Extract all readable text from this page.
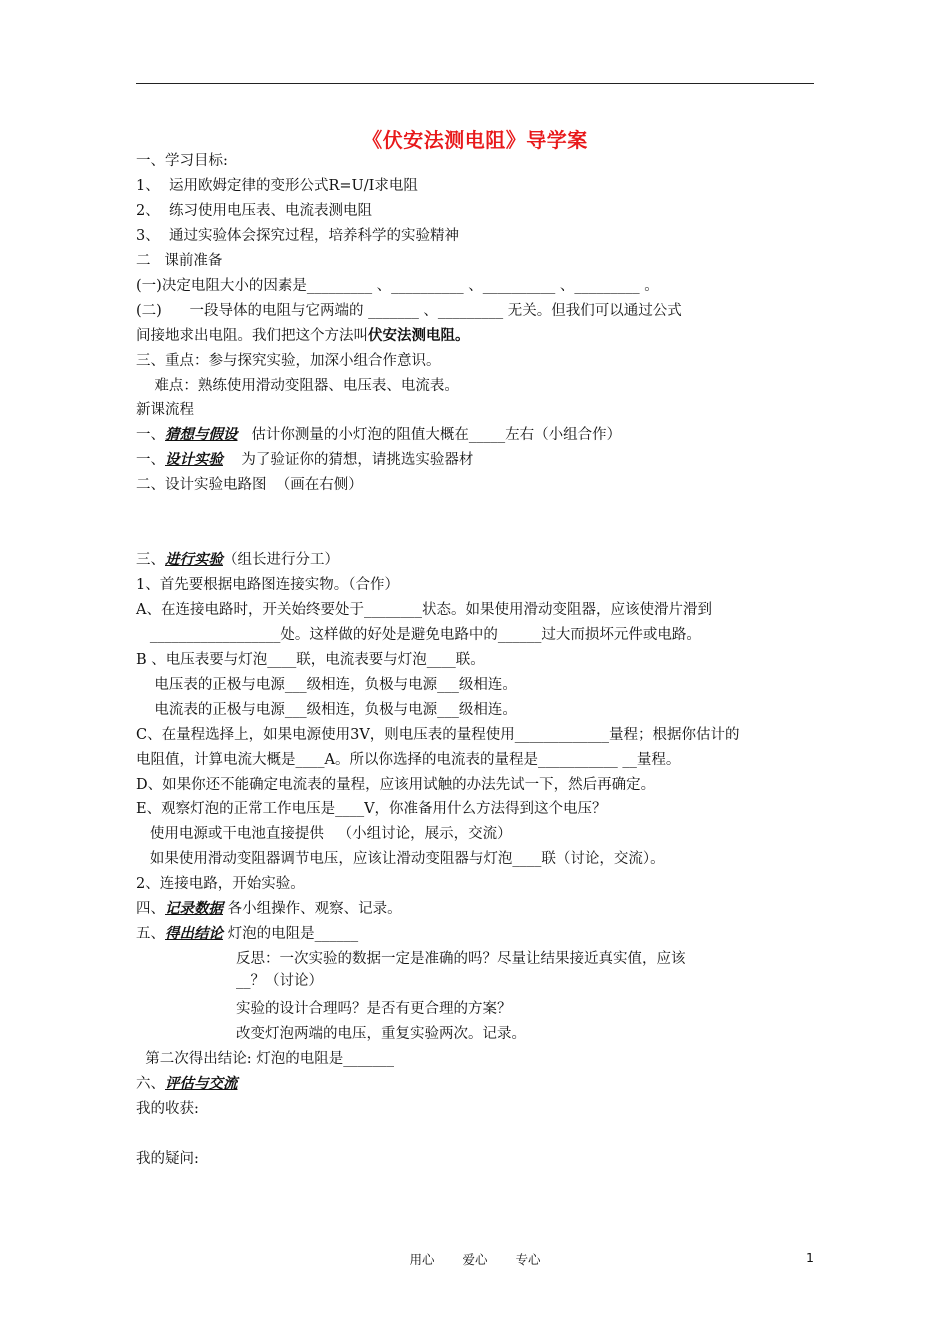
《伏安法测电阻》导学案
一、学习目标:
1、  运用欧姆定律的变形公式R=U/I求电阻
2、  练习使用电压表、电流表测电阻
3、  通过实验体会探究过程，培养科学的实验精神
二   课前准备
(一)决定电阻大小的因素是_________ 、__________ 、__________ 、_________ 。
(二)      一段导体的电阻与它两端的 _______ 、_________ 无关。但我们可以通过公式
间接地求出电阻。我们把这个方法叫伏安法测电阻。
三、重点：参与探究实验，加深小组合作意识。
难点：熟练使用滑动变阻器、电压表、电流表。
新课流程
一、猜想与假设   估计你测量的小灯泡的阻值大概在_____左右（小组合作）
一、设计实验    为了验证你的猜想，请挑选实验器材
二、设计实验电路图  （画在右侧）
三、进行实验（组长进行分工）
1、首先要根据电路图连接实物。（合作）
A、在连接电路时，开关始终要处于________状态。如果使用滑动变阻器，应该使滑片滑到
__________________处。这样做的好处是避免电路中的______过大而损坏元件或电路。
B 、电压表要与灯泡____联，电流表要与灯泡____联。
电压表的正极与电源___级相连，负极与电源___级相连。
电流表的正极与电源___级相连，负极与电源___级相连。
C、在量程选择上，如果电源使用3V，则电压表的量程使用_____________量程；根据你估计的
电阻值，计算电流大概是____A。所以你选择的电流表的量程是___________ __量程。
D、如果你还不能确定电流表的量程，应该用试触的办法先试一下，然后再确定。
E、观察灯泡的正常工作电压是____V，你准备用什么方法得到这个电压？
使用电源或干电池直接提供   （小组讨论，展示，交流）
如果使用滑动变阻器调节电压，应该让滑动变阻器与灯泡____联（讨论，交流）。
2、连接电路，开始实验。
四、记录数据 各小组操作、观察、记录。
五、得出结论 灯泡的电阻是______
反思：一次实验的数据一定是准确的吗？尽量让结果接近真实值，应该
__？（讨论）
实验的设计合理吗？是否有更合理的方案？
改变灯泡两端的电压，重复实验两次。记录。
第二次得出结论: 灯泡的电阻是_______
六、评估与交流
我的收获:
我的疑问:
用心 爱心 专心	1
